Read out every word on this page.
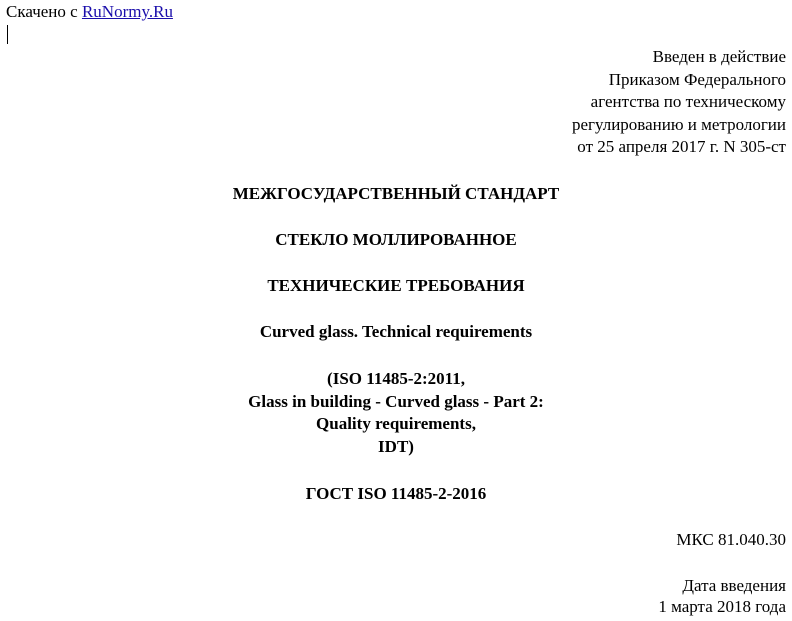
Скачено с RuNormy.Ru
Введен в действие
Приказом Федерального
агентства по техническому
регулированию и метрологии
от 25 апреля 2017 г. N 305-ст
МЕЖГОСУДАРСТВЕННЫЙ СТАНДАРТ
СТЕКЛО МОЛЛИРОВАННОЕ
ТЕХНИЧЕСКИЕ ТРЕБОВАНИЯ
Curved glass. Technical requirements
(ISO 11485-2:2011,
Glass in building - Curved glass - Part 2:
Quality requirements,
IDT)
ГОСТ ISO 11485-2-2016
МКС 81.040.30
Дата введения
1 марта 2018 года
